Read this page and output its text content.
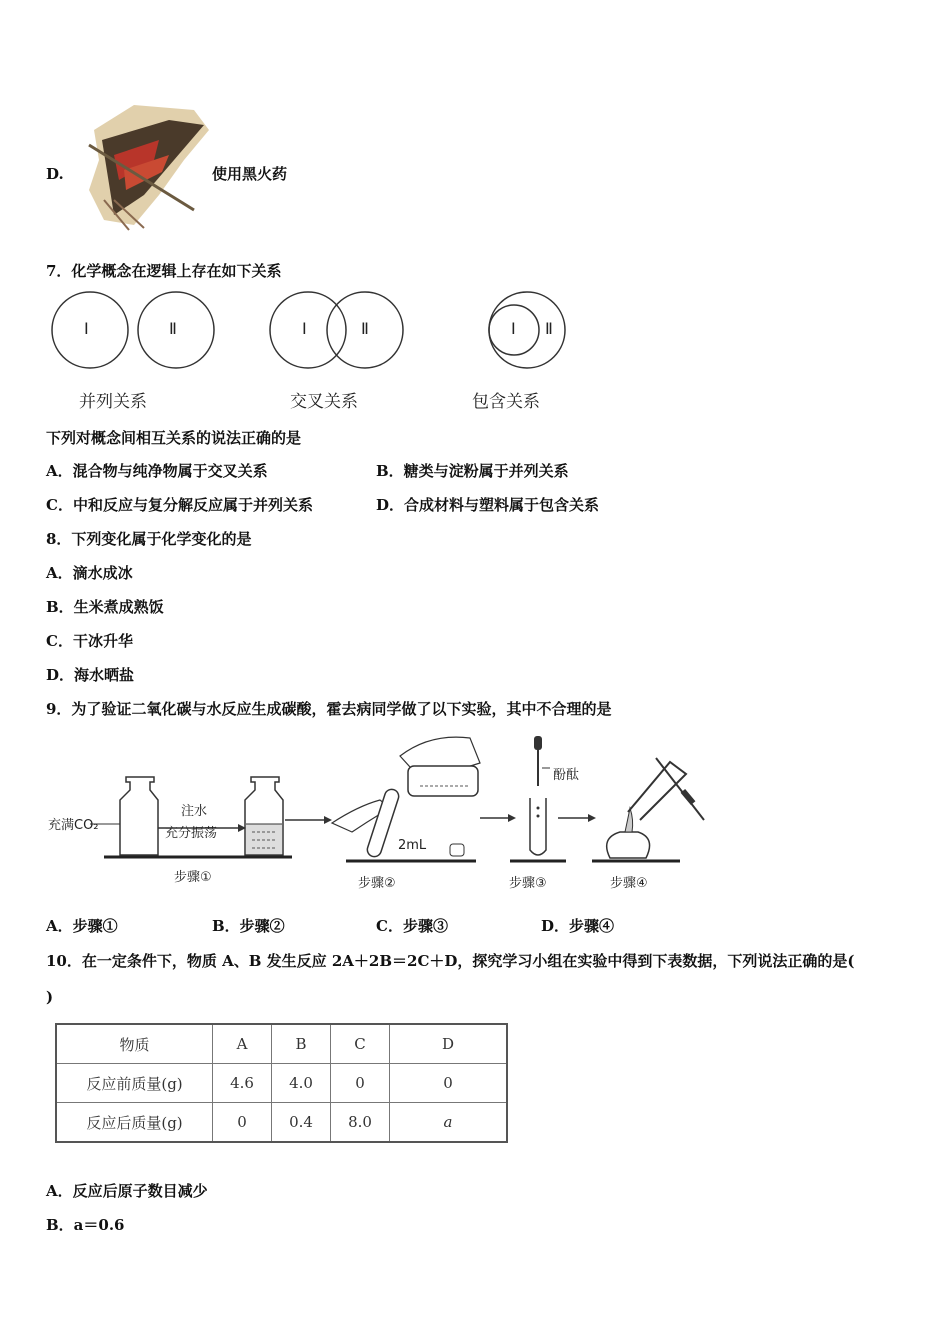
D.	使用黑火药
7．化学概念在逻辑上存在如下关系
Ⅰ	Ⅱ	Ⅰ	Ⅱ	Ⅰ Ⅱ
并列关系	交叉关系	包含关系
下列对概念间相互关系的说法正确的是
A．混合物与纯净物属于交叉关系	B．糖类与淀粉属于并列关系
C．中和反应与复分解反应属于并列关系	D．合成材料与塑料属于包含关系
8．下列变化属于化学变化的是
A．滴水成冰
B．生米煮成熟饭
C．干冰升华
D．海水晒盐
9．为了验证二氧化碳与水反应生成碳酸，霍去病同学做了以下实验，其中不合理的是
充满CO₂
注水
充分振荡
2mL
酚酞
步骤①	步骤②	步骤③	步骤④
A．步骤①	B．步骤②	C．步骤③	D．步骤④
10．在一定条件下，物质 A、B 发生反应 2A＋2B＝2C＋D，探究学习小组在实验中得到下表数据，下列说法正确的是(
)
物质	A	B	C	D
反应前质量(g)	4.6	4.0	0	0
反应后质量(g)	0	0.4	8.0	a
A．反应后原子数目减少
B．a＝0.6
